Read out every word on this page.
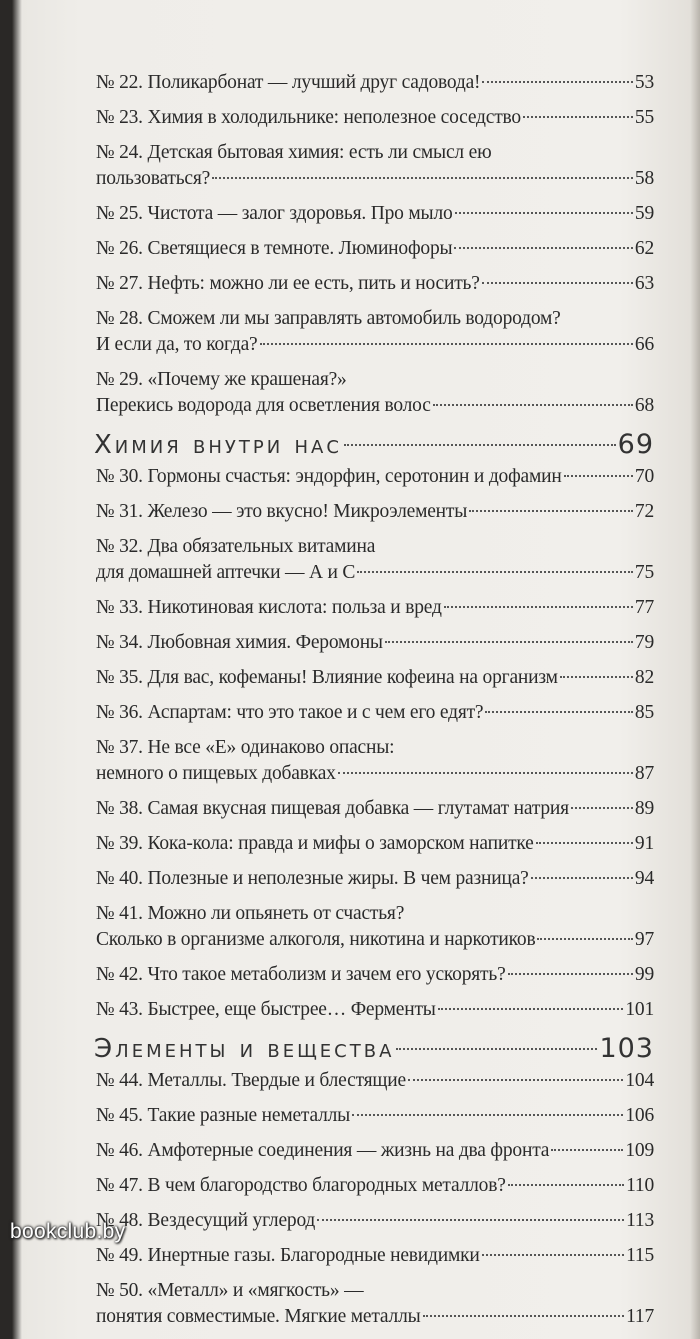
№ 22. Поликарбонат — лучший друг садовода!	53
№ 23. Химия в холодильнике: неполезное соседство	55
№ 24. Детская бытовая химия: есть ли смысл ею
пользоваться?	58
№ 25. Чистота — залог здоровья. Про мыло	59
№ 26. Светящиеся в темноте. Люминофоры	62
№ 27. Нефть: можно ли ее есть, пить и носить?	63
№ 28. Сможем ли мы заправлять автомобиль водородом?
И если да, то когда?	66
№ 29. «Почему же крашеная?»
Перекись водорода для осветления волос	68
Химия внутри нас	69
№ 30. Гормоны счастья: эндорфин, серотонин и дофамин	70
№ 31. Железо — это вкусно! Микроэлементы	72
№ 32. Два обязательных витамина
для домашней аптечки — А и С	75
№ 33. Никотиновая кислота: польза и вред	77
№ 34. Любовная химия. Феромоны	79
№ 35. Для вас, кофеманы! Влияние кофеина на организм	82
№ 36. Аспартам: что это такое и с чем его едят?	85
№ 37. Не все «Е» одинаково опасны:
немного о пищевых добавках	87
№ 38. Самая вкусная пищевая добавка — глутамат натрия	89
№ 39. Кока-кола: правда и мифы о заморском напитке	91
№ 40. Полезные и неполезные жиры. В чем разница?	94
№ 41. Можно ли опьянеть от счастья?
Сколько в организме алкоголя, никотина и наркотиков	97
№ 42. Что такое метаболизм и зачем его ускорять?	99
№ 43. Быстрее, еще быстрее… Ферменты	101
Элементы и вещества	103
№ 44. Металлы. Твердые и блестящие	104
№ 45. Такие разные неметаллы	106
№ 46. Амфотерные соединения — жизнь на два фронта	109
№ 47. В чем благородство благородных металлов?	110
№ 48. Вездесущий углерод	113
№ 49. Инертные газы. Благородные невидимки	115
№ 50. «Металл» и «мягкость» —
понятия совместимые. Мягкие металлы	117
bookclub.by
